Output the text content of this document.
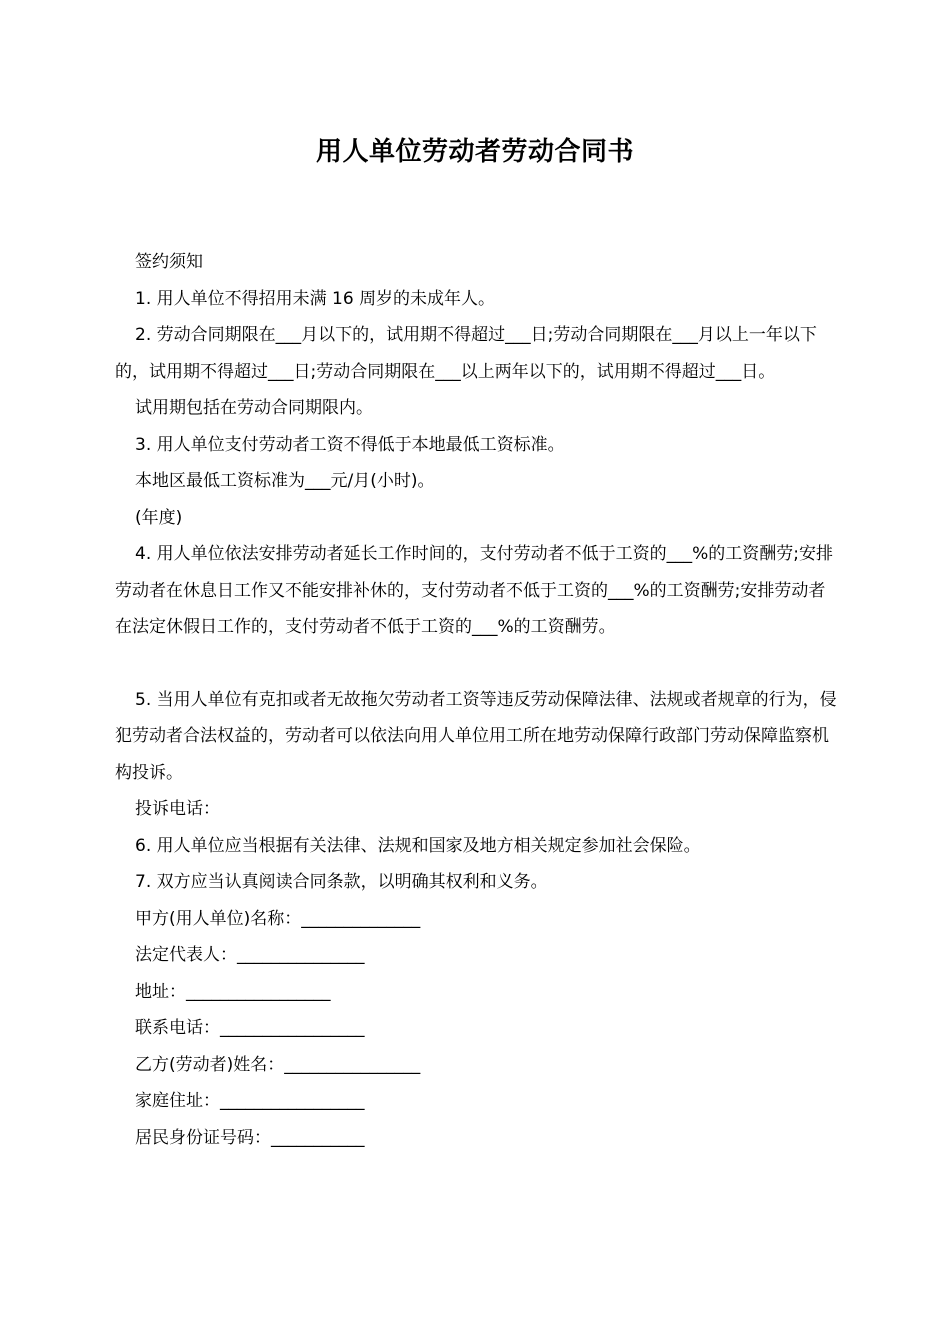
用人单位劳动者劳动合同书

签约须知

1. 用人单位不得招用未满 16 周岁的未成年人。

2. 劳动合同期限在___月以下的，试用期不得超过___日;劳动合同期限在___月以上一年以下的，试用期不得超过___日;劳动合同期限在___以上两年以下的，试用期不得超过___日。

试用期包括在劳动合同期限内。

3. 用人单位支付劳动者工资不得低于本地最低工资标准。

本地区最低工资标准为___元/月(小时)。

(年度)

4. 用人单位依法安排劳动者延长工作时间的，支付劳动者不低于工资的___%的工资酬劳;安排劳动者在休息日工作又不能安排补休的，支付劳动者不低于工资的___%的工资酬劳;安排劳动者在法定休假日工作的，支付劳动者不低于工资的___%的工资酬劳。

5. 当用人单位有克扣或者无故拖欠劳动者工资等违反劳动保障法律、法规或者规章的行为，侵犯劳动者合法权益的，劳动者可以依法向用人单位用工所在地劳动保障行政部门劳动保障监察机构投诉。

投诉电话：

6. 用人单位应当根据有关法律、法规和国家及地方相关规定参加社会保险。

7. 双方应当认真阅读合同条款，以明确其权利和义务。

甲方(用人单位)名称：______________

法定代表人：_______________

地址：_________________

联系电话：_________________

乙方(劳动者)姓名：________________

家庭住址：_________________

居民身份证号码：___________
